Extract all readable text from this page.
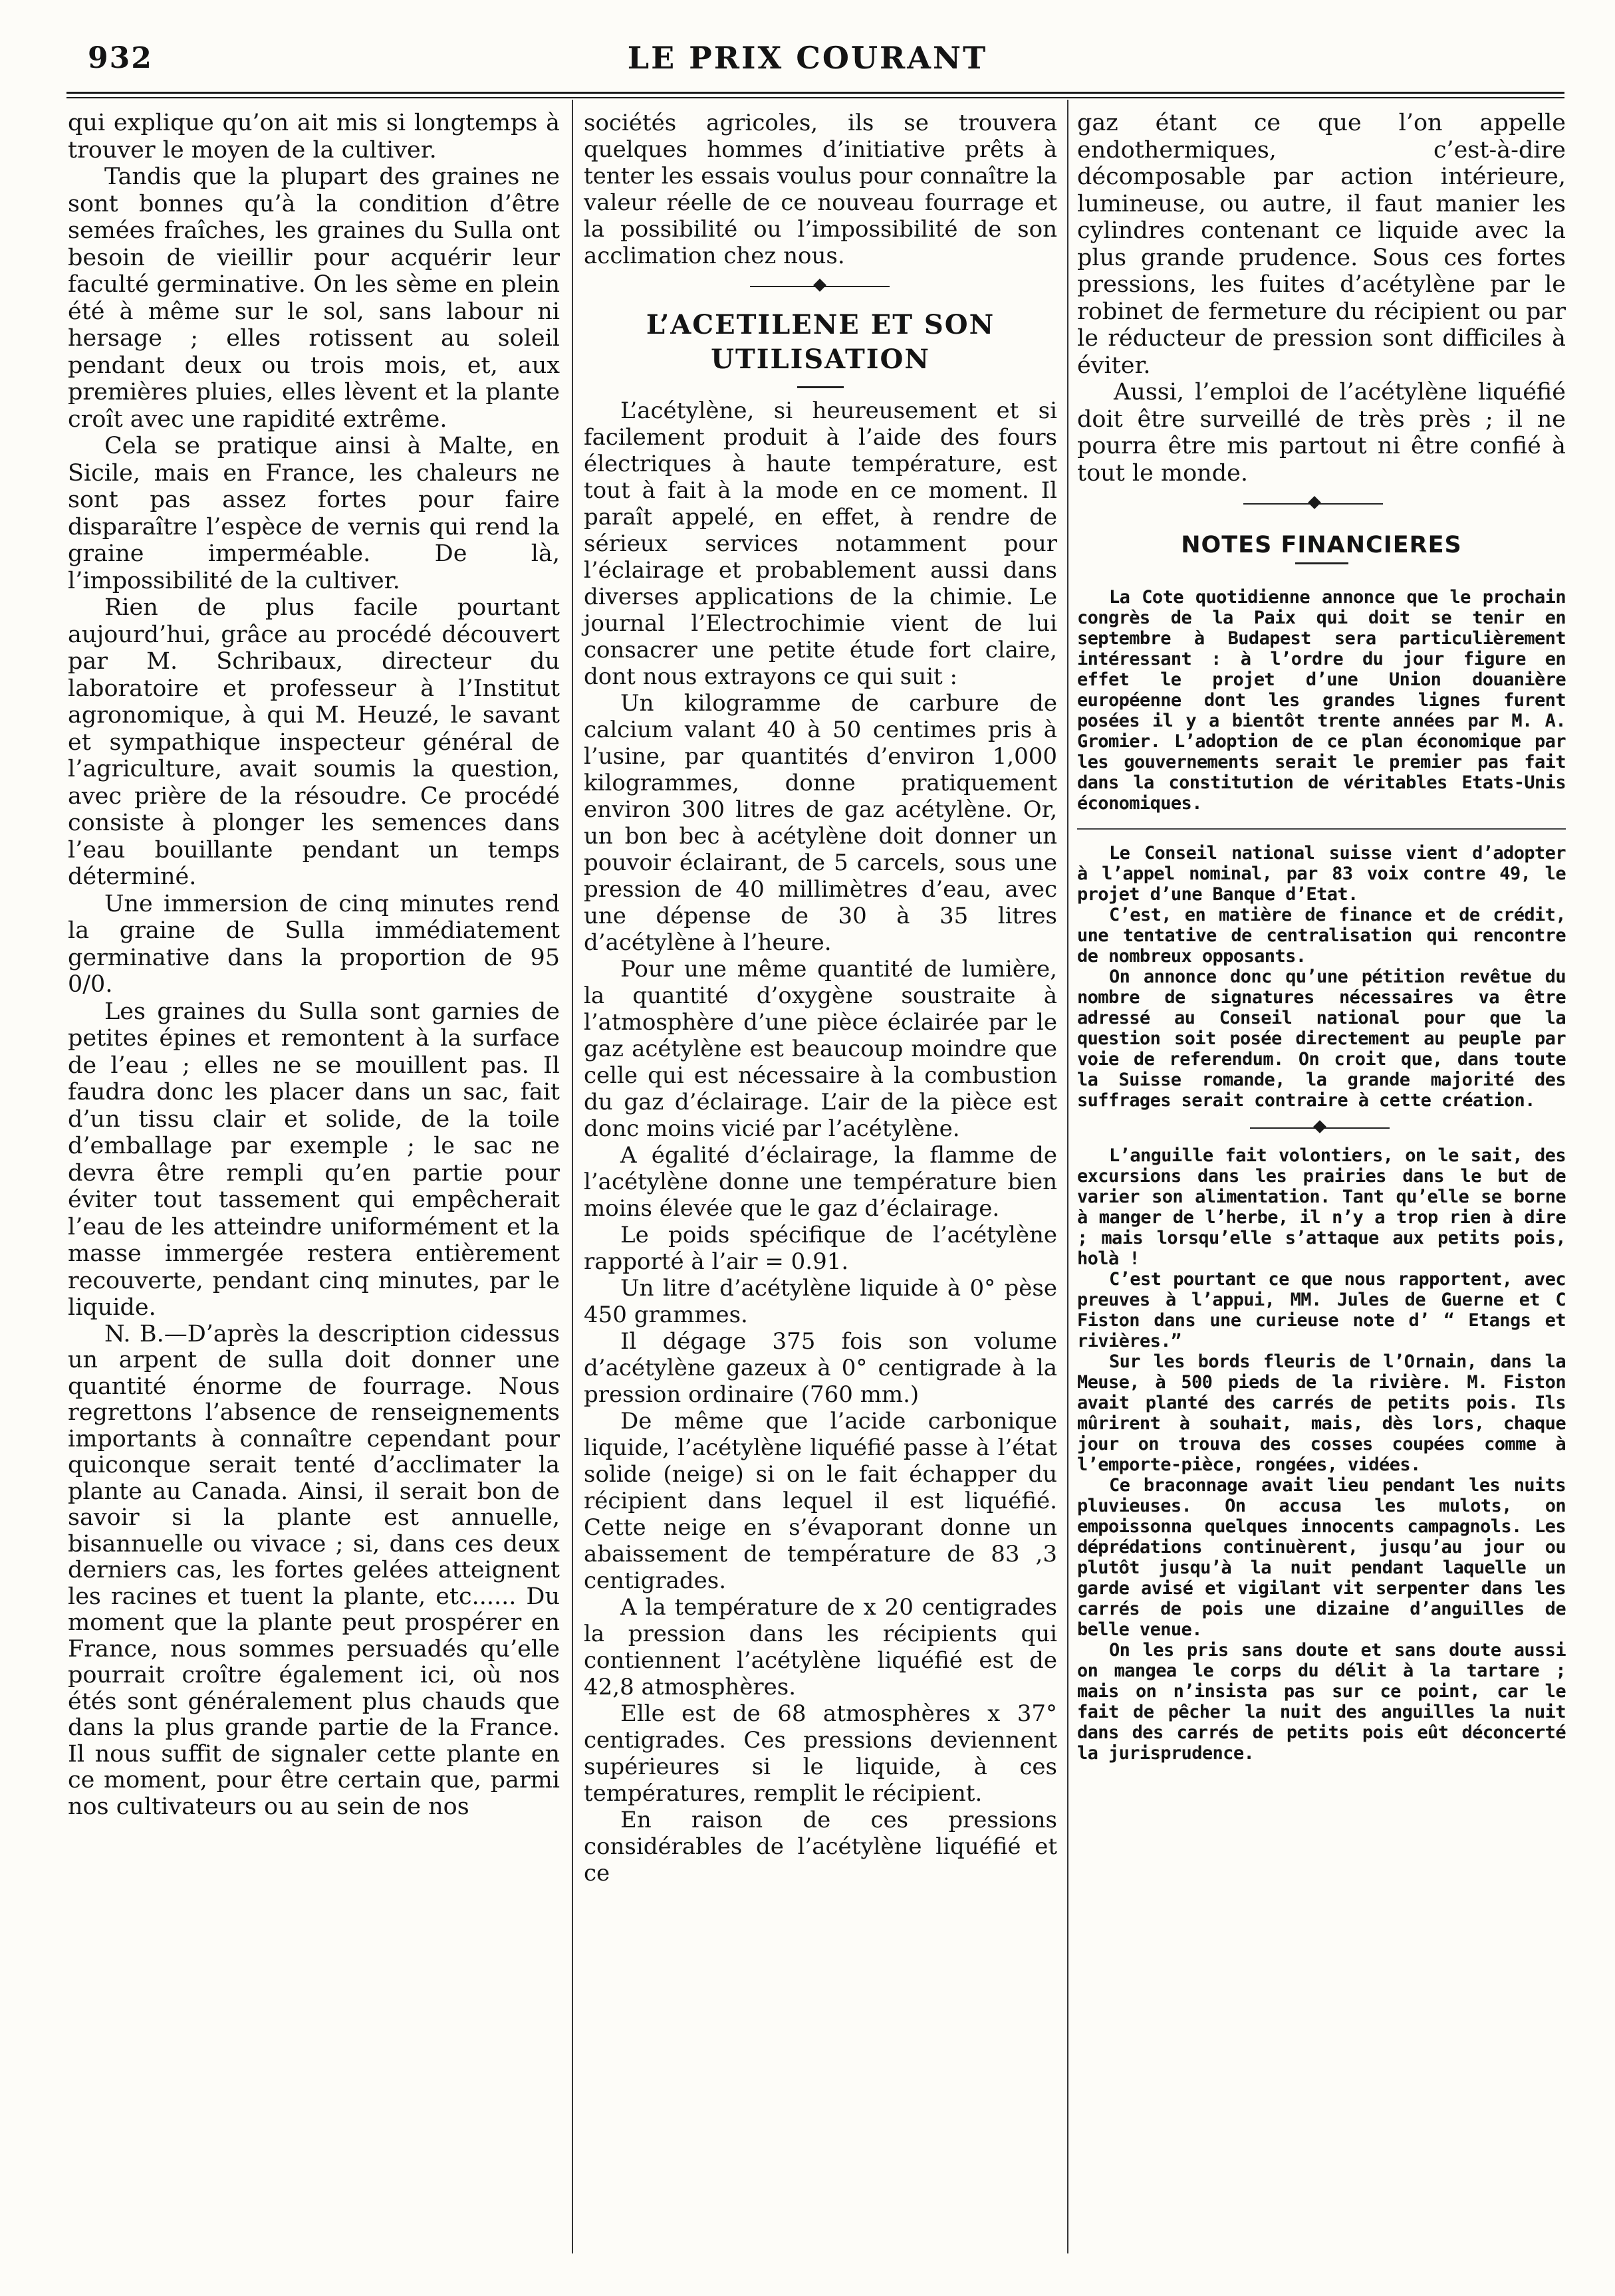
932	LE PRIX COURANT

qui explique qu’on ait mis si longtemps à trouver le moyen de la cultiver.

Tandis que la plupart des graines ne sont bonnes qu’à la condition d’être semées fraîches, les graines du Sulla ont besoin de vieillir pour acquérir leur faculté germinative. On les sème en plein été à même sur le sol, sans labour ni hersage ; elles rotissent au soleil pendant deux ou trois mois, et, aux premières pluies, elles lèvent et la plante croît avec une rapidité extrême.

Cela se pratique ainsi à Malte, en Sicile, mais en France, les chaleurs ne sont pas assez fortes pour faire disparaître l’espèce de vernis qui rend la graine imperméable. De là, l’impossibilité de la cultiver.

Rien de plus facile pourtant aujourd’hui, grâce au procédé découvert par M. Schribaux, directeur du laboratoire et professeur à l’Institut agronomique, à qui M. Heuzé, le savant et sympathique inspecteur général de l’agriculture, avait soumis la question, avec prière de la résoudre. Ce procédé consiste à plonger les semences dans l’eau bouillante pendant un temps déterminé.

Une immersion de cinq minutes rend la graine de Sulla immédiatement germinative dans la proportion de 95 0/0.

Les graines du Sulla sont garnies de petites épines et remontent à la surface de l’eau ; elles ne se mouillent pas. Il faudra donc les placer dans un sac, fait d’un tissu clair et solide, de la toile d’emballage par exemple ; le sac ne devra être rempli qu’en partie pour éviter tout tassement qui empêcherait l’eau de les atteindre uniformément et la masse immergée restera entièrement recouverte, pendant cinq minutes, par le liquide.

N. B.—D’après la description cidessus un arpent de sulla doit donner une quantité énorme de fourrage. Nous regrettons l’absence de renseignements importants à connaître cependant pour quiconque serait tenté d’acclimater la plante au Canada. Ainsi, il serait bon de savoir si la plante est annuelle, bisannuelle ou vivace ; si, dans ces deux derniers cas, les fortes gelées atteignent les racines et tuent la plante, etc...... Du moment que la plante peut prospérer en France, nous sommes persuadés qu’elle pourrait croître également ici, où nos étés sont généralement plus chauds que dans la plus grande partie de la France. Il nous suffit de signaler cette plante en ce moment, pour être certain que, parmi nos cultivateurs ou au sein de nos

sociétés agricoles, ils se trouvera quelques hommes d’initiative prêts à tenter les essais voulus pour connaître la valeur réelle de ce nouveau fourrage et la possibilité ou l’impossibilité de son acclimation chez nous.

L’ACETILENE ET SON UTILISATION

L’acétylène, si heureusement et si facilement produit à l’aide des fours électriques à haute température, est tout à fait à la mode en ce moment. Il paraît appelé, en effet, à rendre de sérieux services notamment pour l’éclairage et probablement aussi dans diverses applications de la chimie. Le journal l’Electrochimie vient de lui consacrer une petite étude fort claire, dont nous extrayons ce qui suit :

Un kilogramme de carbure de calcium valant 40 à 50 centimes pris à l’usine, par quantités d’environ 1,000 kilogrammes, donne pratiquement environ 300 litres de gaz acétylène. Or, un bon bec à acétylène doit donner un pouvoir éclairant, de 5 carcels, sous une pression de 40 millimètres d’eau, avec une dépense de 30 à 35 litres d’acétylène à l’heure.

Pour une même quantité de lumière, la quantité d’oxygène soustraite à l’atmosphère d’une pièce éclairée par le gaz acétylène est beaucoup moindre que celle qui est nécessaire à la combustion du gaz d’éclairage. L’air de la pièce est donc moins vicié par l’acétylène.

A égalité d’éclairage, la flamme de l’acétylène donne une température bien moins élevée que le gaz d’éclairage.

Le poids spécifique de l’acétylène rapporté à l’air = 0.91.

Un litre d’acétylène liquide à 0° pèse 450 grammes.

Il dégage 375 fois son volume d’acétylène gazeux à 0° centigrade à la pression ordinaire (760 mm.)

De même que l’acide carbonique liquide, l’acétylène liquéfié passe à l’état solide (neige) si on le fait échapper du récipient dans lequel il est liquéfié. Cette neige en s’évaporant donne un abaissement de température de 83 ,3 centigrades.

A la température de x 20 centigrades la pression dans les récipients qui contiennent l’acétylène liquéfié est de 42,8 atmosphères.

Elle est de 68 atmosphères x 37° centigrades. Ces pressions deviennent supérieures si le liquide, à ces températures, remplit le récipient.

En raison de ces pressions considérables de l’acétylène liquéfié et ce

gaz étant ce que l’on appelle endothermiques, c’est-à-dire décomposable par action intérieure, lumineuse, ou autre, il faut manier les cylindres contenant ce liquide avec la plus grande prudence. Sous ces fortes pressions, les fuites d’acétylène par le robinet de fermeture du récipient ou par le réducteur de pression sont difficiles à éviter.

Aussi, l’emploi de l’acétylène liquéfié doit être surveillé de très près ; il ne pourra être mis partout ni être confié à tout le monde.

NOTES FINANCIERES

La Cote quotidienne annonce que le prochain congrès de la Paix qui doit se tenir en septembre à Budapest sera particulièrement intéressant : à l’ordre du jour figure en effet le projet d’une Union douanière européenne dont les grandes lignes furent posées il y a bientôt trente années par M. A. Gromier. L’adoption de ce plan économique par les gouvernements serait le premier pas fait dans la constitution de véritables Etats-Unis économiques.

Le Conseil national suisse vient d’adopter à l’appel nominal, par 83 voix contre 49, le projet d’une Banque d’Etat.

C’est, en matière de finance et de crédit, une tentative de centralisation qui rencontre de nombreux opposants.

On annonce donc qu’une pétition revêtue du nombre de signatures nécessaires va être adressé au Conseil national pour que la question soit posée directement au peuple par voie de referendum. On croit que, dans toute la Suisse romande, la grande majorité des suffrages serait contraire à cette création.

L’anguille fait volontiers, on le sait, des excursions dans les prairies dans le but de varier son alimentation. Tant qu’elle se borne à manger de l’herbe, il n’y a trop rien à dire ; mais lorsqu’elle s’attaque aux petits pois, holà !

C’est pourtant ce que nous rapportent, avec preuves à l’appui, MM. Jules de Guerne et C Fiston dans une curieuse note d’ “ Etangs et rivières.”

Sur les bords fleuris de l’Ornain, dans la Meuse, à 500 pieds de la rivière. M. Fiston avait planté des carrés de petits pois. Ils mûrirent à souhait, mais, dès lors, chaque jour on trouva des cosses coupées comme à l’emporte-pièce, rongées, vidées.

Ce braconnage avait lieu pendant les nuits pluvieuses. On accusa les mulots, on empoissonna quelques innocents campagnols. Les déprédations continuèrent, jusqu’au jour ou plutôt jusqu’à la nuit pendant laquelle un garde avisé et vigilant vit serpenter dans les carrés de pois une dizaine d’anguilles de belle venue.

On les pris sans doute et sans doute aussi on mangea le corps du délit à la tartare ; mais on n’insista pas sur ce point, car le fait de pêcher la nuit des anguilles la nuit dans des carrés de petits pois eût déconcerté la jurisprudence.
